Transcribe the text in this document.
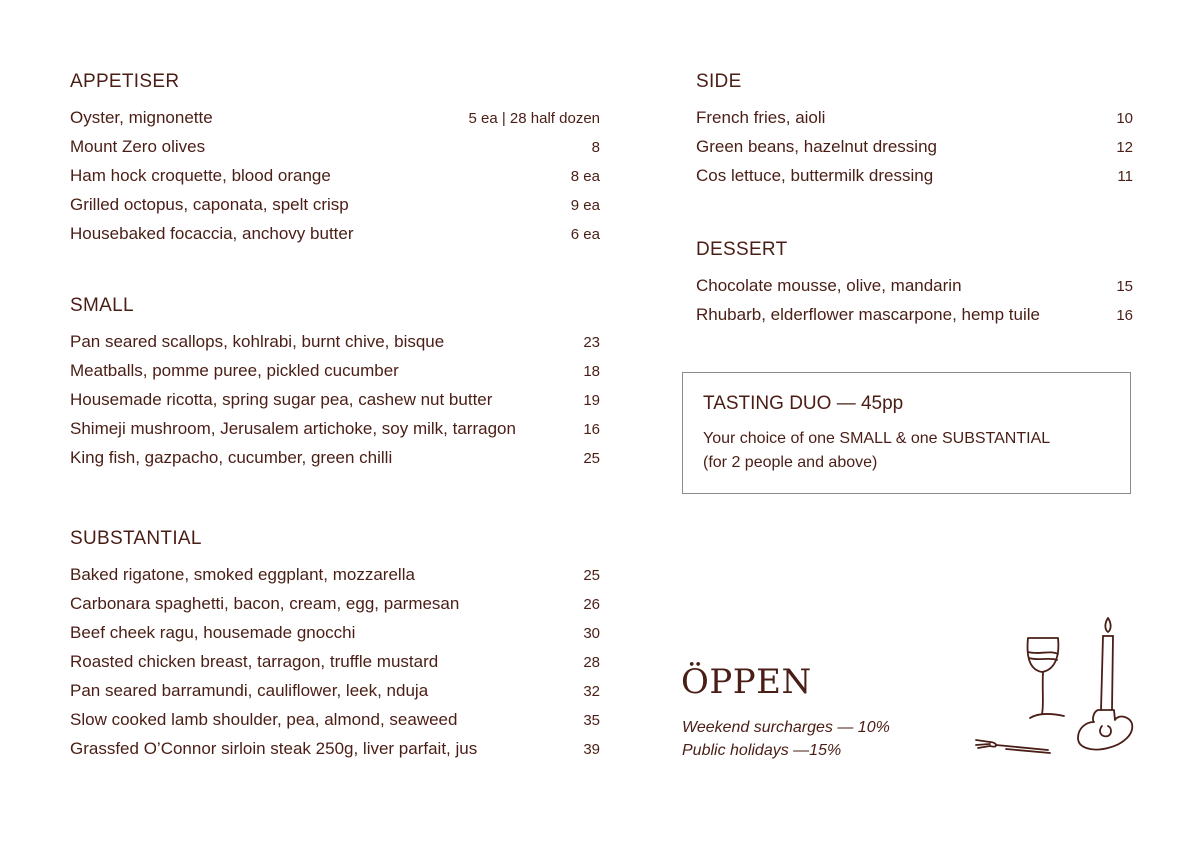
APPETISER
Oyster, mignonette	5 ea | 28 half dozen
Mount Zero olives	8
Ham hock croquette, blood orange	8 ea
Grilled octopus, caponata, spelt crisp	9 ea
Housebaked focaccia, anchovy butter	6 ea
SMALL
Pan seared scallops, kohlrabi, burnt chive, bisque	23
Meatballs, pomme puree, pickled cucumber	18
Housemade ricotta, spring sugar pea, cashew nut butter	19
Shimeji mushroom, Jerusalem artichoke, soy milk, tarragon	16
King fish, gazpacho, cucumber, green chilli	25
SUBSTANTIAL
Baked rigatone, smoked eggplant, mozzarella	25
Carbonara spaghetti, bacon, cream, egg, parmesan	26
Beef cheek ragu, housemade gnocchi	30
Roasted chicken breast, tarragon, truffle mustard	28
Pan seared barramundi, cauliflower, leek, nduja	32
Slow cooked lamb shoulder, pea, almond, seaweed	35
Grassfed O’Connor sirloin steak 250g, liver parfait, jus	39
SIDE
French fries, aioli	10
Green beans, hazelnut dressing	12
Cos lettuce, buttermilk dressing	11
DESSERT
Chocolate mousse, olive, mandarin	15
Rhubarb, elderflower mascarpone, hemp tuile	16
TASTING DUO — 45pp
Your choice of one SMALL & one SUBSTANTIAL
(for 2 people and above)
ÖPPEN
Weekend surcharges — 10%
Public holidays —15%
